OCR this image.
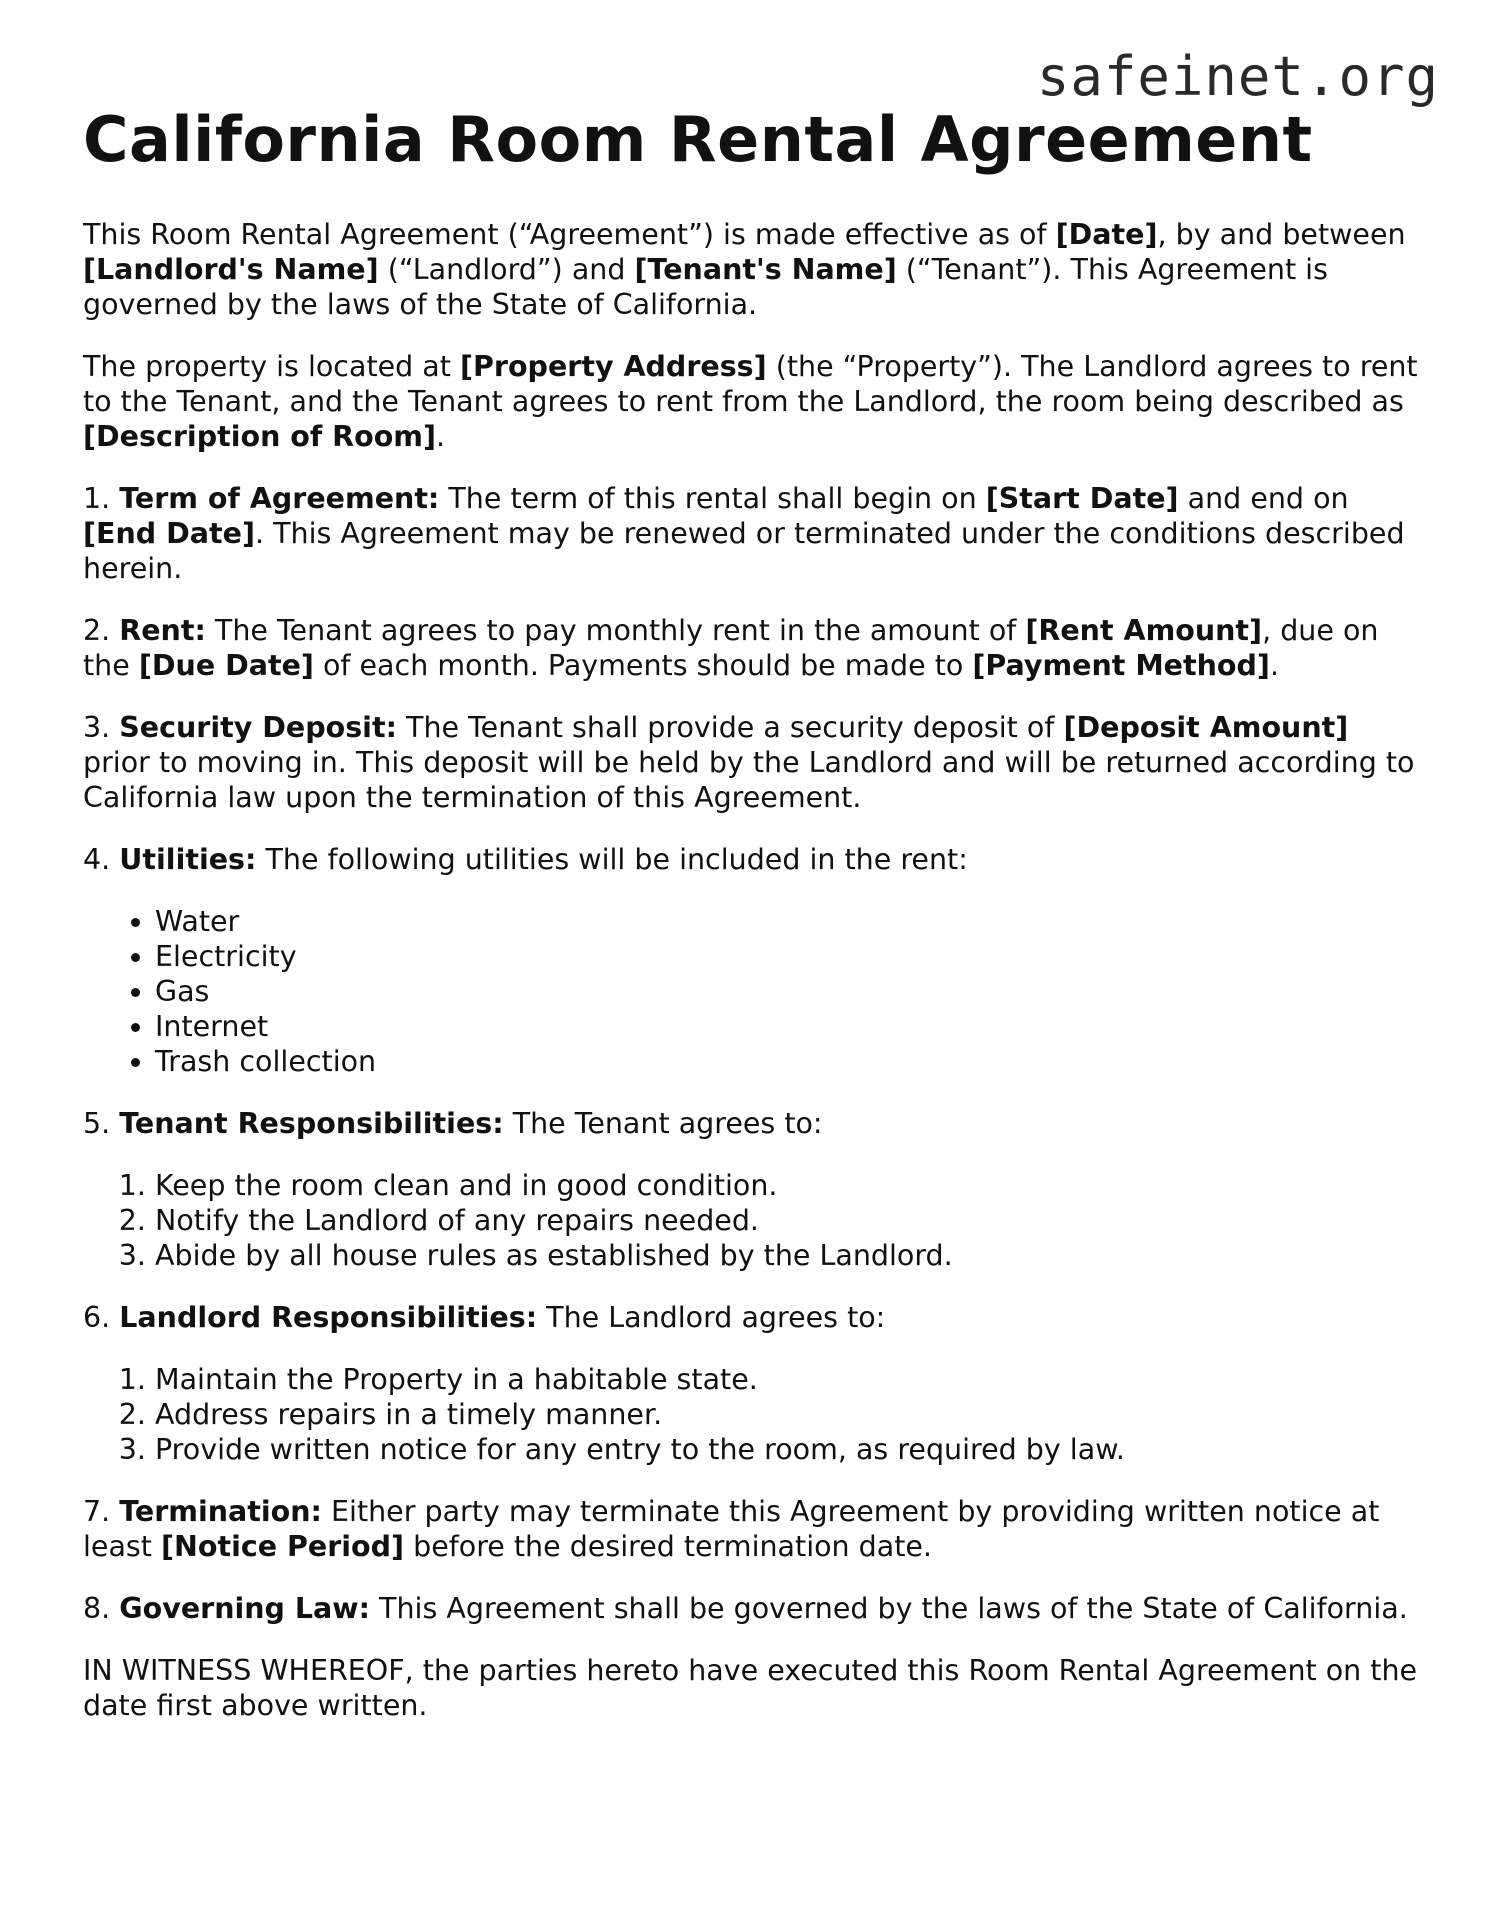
safeinet.org
California Room Rental Agreement

This Room Rental Agreement (“Agreement”) is made effective as of [Date], by and between [Landlord's Name] (“Landlord”) and [Tenant's Name] (“Tenant”). This Agreement is governed by the laws of the State of California.

The property is located at [Property Address] (the “Property”). The Landlord agrees to rent to the Tenant, and the Tenant agrees to rent from the Landlord, the room being described as [Description of Room].

1. Term of Agreement: The term of this rental shall begin on [Start Date] and end on [End Date]. This Agreement may be renewed or terminated under the conditions described herein.

2. Rent: The Tenant agrees to pay monthly rent in the amount of [Rent Amount], due on the [Due Date] of each month. Payments should be made to [Payment Method].

3. Security Deposit: The Tenant shall provide a security deposit of [Deposit Amount] prior to moving in. This deposit will be held by the Landlord and will be returned according to California law upon the termination of this Agreement.

4. Utilities: The following utilities will be included in the rent:

• Water
• Electricity
• Gas
• Internet
• Trash collection

5. Tenant Responsibilities: The Tenant agrees to:

1. Keep the room clean and in good condition.
2. Notify the Landlord of any repairs needed.
3. Abide by all house rules as established by the Landlord.

6. Landlord Responsibilities: The Landlord agrees to:

1. Maintain the Property in a habitable state.
2. Address repairs in a timely manner.
3. Provide written notice for any entry to the room, as required by law.

7. Termination: Either party may terminate this Agreement by providing written notice at least [Notice Period] before the desired termination date.

8. Governing Law: This Agreement shall be governed by the laws of the State of California.

IN WITNESS WHEREOF, the parties hereto have executed this Room Rental Agreement on the date first above written.
